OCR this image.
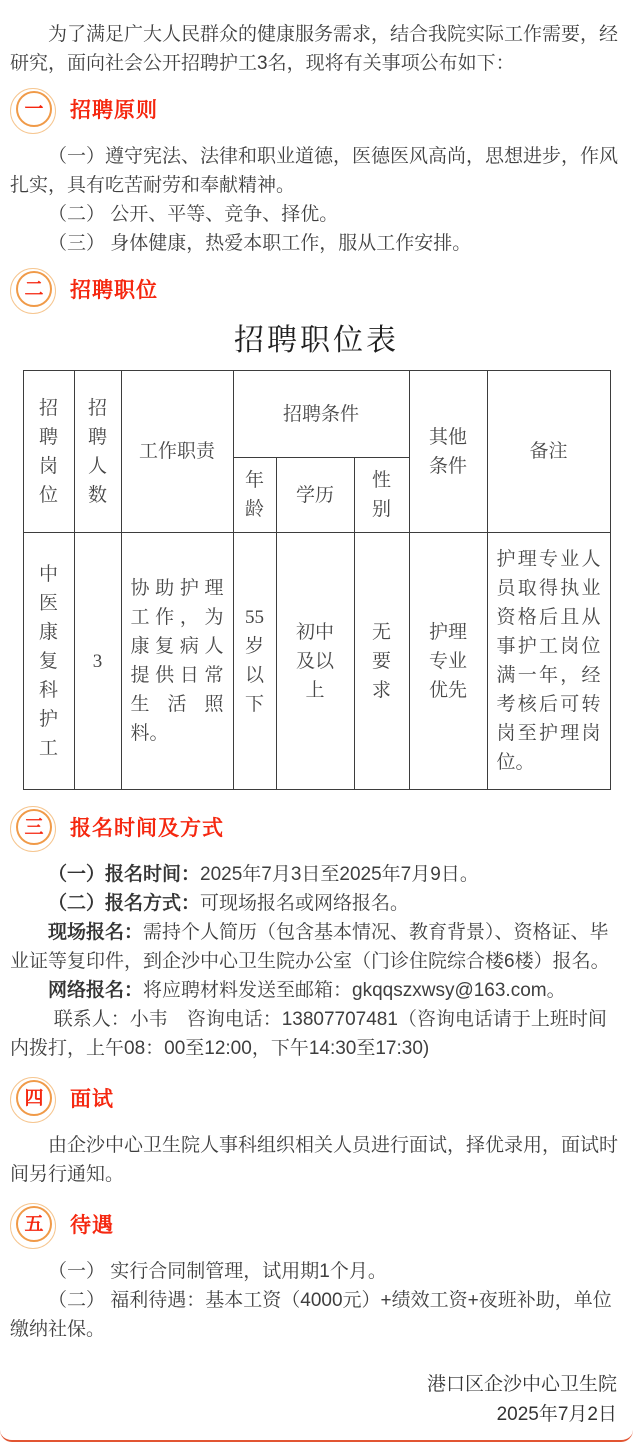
为了满足广大人民群众的健康服务需求，结合我院实际工作需要，经研究，面向社会公开招聘护工3名，现将有关事项公布如下：

一 招聘原则

（一）遵守宪法、法律和职业道德，医德医风高尚，思想进步，作风扎实，具有吃苦耐劳和奉献精神。

（二） 公开、平等、竞争、择优。

（三） 身体健康，热爱本职工作，服从工作安排。

二 招聘职位
招聘职位表
招聘岗位	招聘人数	工作职责	招聘条件			其他条件	备注
			年龄	学历	性别		
中医康复科护工	3	协助护理工作，为康复病人提供日常生活照料。	55岁以下	初中及以上	无要求	护理专业优先	护理专业人员取得执业资格后且从事护工岗位满一年，经考核后可转岗至护理岗位。
三 报名时间及方式

（一）报名时间：2025年7月3日至2025年7月9日。

（二）报名方式：可现场报名或网络报名。

现场报名：需持个人简历（包含基本情况、教育背景）、资格证、毕业证等复印件，到企沙中心卫生院办公室（门诊住院综合楼6楼）报名。

网络报名：将应聘材料发送至邮箱：gkqqszxwsy@163.com。

联系人：小韦　咨询电话：13807707481（咨询电话请于上班时间内拨打，上午08：00至12:00，下午14:30至17:30)

四 面试

由企沙中心卫生院人事科组织相关人员进行面试，择优录用，面试时间另行通知。

五 待遇

（一） 实行合同制管理，试用期1个月。

（二） 福利待遇：基本工资（4000元）+绩效工资+夜班补助，单位缴纳社保。

港口区企沙中心卫生院

2025年7月2日
